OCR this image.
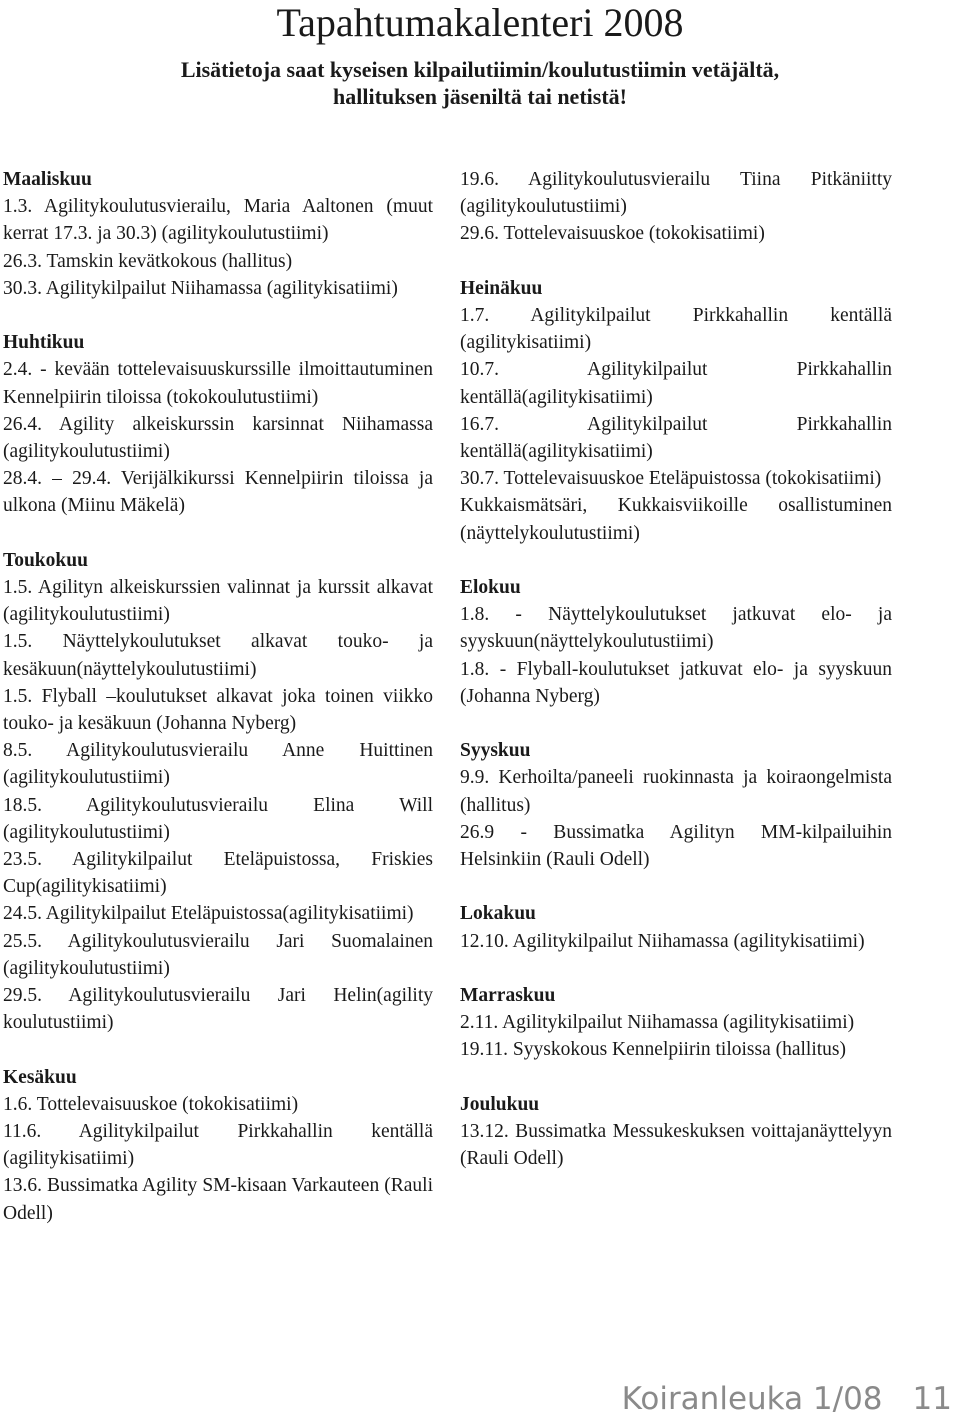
Tapahtumakalenteri 2008
Lisätietoja saat kyseisen kilpailutiimin/koulutustiimin vetäjältä,
hallituksen jäseniltä tai netistä!
Maaliskuu
1.3. Agilitykoulutusvierailu, Maria Aaltonen (muut kerrat 17.3. ja 30.3) (agilitykoulutustiimi)
26.3. Tamskin kevätkokous (hallitus)
30.3. Agilitykilpailut Niihamassa (agilitykisatiimi)
Huhtikuu
2.4. - kevään tottelevaisuuskurssille ilmoittautuminen Kennelpiirin tiloissa (tokokoulutustiimi)
26.4. Agility alkeiskurssin karsinnat Niihamassa (agilitykoulutustiimi)
28.4. – 29.4. Verijälkikurssi Kennelpiirin tiloissa ja ulkona (Miinu Mäkelä)
Toukokuu
1.5. Agilityn alkeiskurssien valinnat ja kurssit alkavat (agilitykoulutustiimi)
1.5. Näyttelykoulutukset alkavat touko- ja kesäkuun(näyttelykoulutustiimi)
1.5. Flyball –koulutukset alkavat joka toinen viikko touko- ja kesäkuun (Johanna Nyberg)
8.5. Agilitykoulutusvierailu Anne Huittinen (agilitykoulutustiimi)
18.5. Agilitykoulutusvierailu Elina Will (agilitykoulutustiimi)
23.5. Agilitykilpailut Eteläpuistossa, Friskies Cup(agilitykisatiimi)
24.5. Agilitykilpailut Eteläpuistossa(agilitykisatiimi)
25.5. Agilitykoulutusvierailu Jari Suomalainen (agilitykoulutustiimi)
29.5. Agilitykoulutusvierailu Jari Helin(agility koulutustiimi)
Kesäkuu
1.6. Tottelevaisuuskoe (tokokisatiimi)
11.6. Agilitykilpailut Pirkkahallin kentällä (agilitykisatiimi)
13.6. Bussimatka Agility SM-kisaan Varkauteen (Rauli Odell)
19.6. Agilitykoulutusvierailu Tiina Pitkäniitty (agilitykoulutustiimi)
29.6. Tottelevaisuuskoe (tokokisatiimi)
Heinäkuu
1.7. Agilitykilpailut Pirkkahallin kentällä (agilitykisatiimi)
10.7. Agilitykilpailut Pirkkahallin kentällä(agilitykisatiimi)
16.7. Agilitykilpailut Pirkkahallin kentällä(agilitykisatiimi)
30.7. Tottelevaisuuskoe Eteläpuistossa (tokokisatiimi)
Kukkaismätsäri, Kukkaisviikoille osallistuminen (näyttelykoulutustiimi)
Elokuu
1.8. - Näyttelykoulutukset jatkuvat elo- ja syyskuun(näyttelykoulutustiimi)
1.8. - Flyball-koulutukset jatkuvat elo- ja syyskuun (Johanna Nyberg)
Syyskuu
9.9. Kerhoilta/paneeli ruokinnasta ja koiraongelmista (hallitus)
26.9 - Bussimatka Agilityn MM-kilpailuihin Helsinkiin (Rauli Odell)
Lokakuu
12.10. Agilitykilpailut Niihamassa (agilitykisatiimi)
Marraskuu
2.11. Agilitykilpailut Niihamassa (agilitykisatiimi)
19.11. Syyskokous Kennelpiirin tiloissa (hallitus)
Joulukuu
13.12. Bussimatka Messukeskuksen voittajanäyttelyyn (Rauli Odell)
Koiranleuka 1/08 11
